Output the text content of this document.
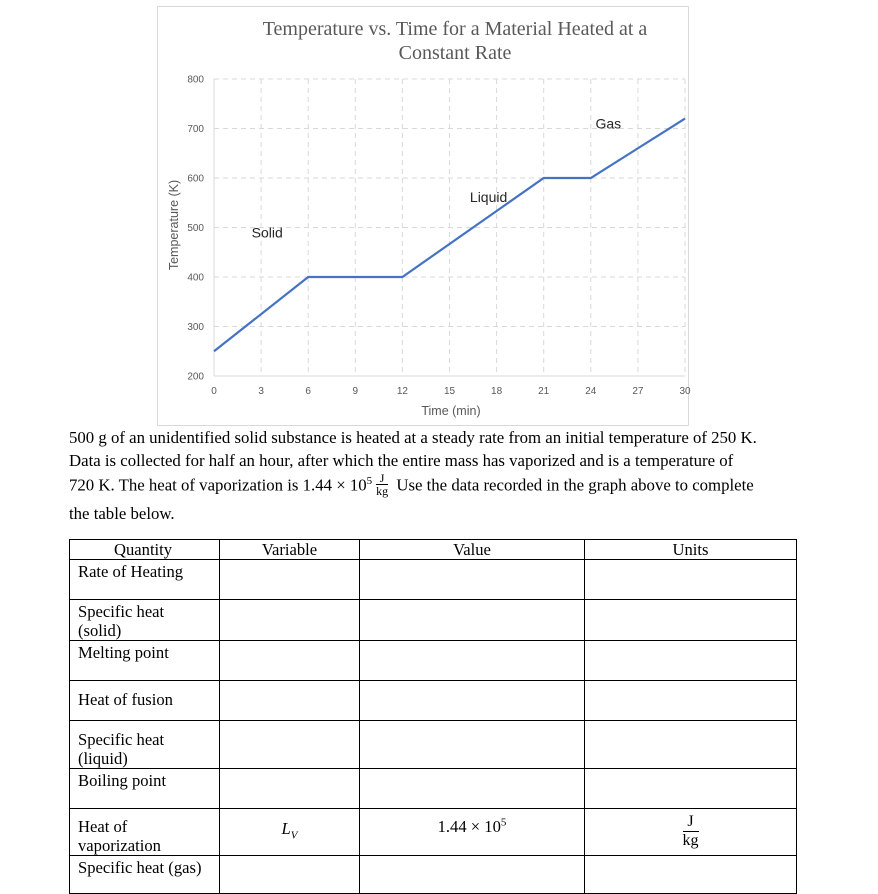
200
300
400
500
600
700
800
0	3	6	9	12	15	18	21	24	27	30
Temperature vs. Time for a Material Heated at a
Constant Rate
Time (min)
Temperature (K)	Solid
Liquid
Gas

500 g of an unidentified solid substance is heated at a steady rate from an initial temperature of 250 K.

Data is collected for half an hour, after which the entire mass has vaporized and is a temperature of

720 K. The heat of vaporization is $1.44 \times 10^5 \frac{J}{kg}$ Use the data recorded in the graph above to complete

the table below.

Quantity	Variable	Value	Units

Rate of Heating			

Specific heat
(solid)			

Melting point			

Heat of fusion			

Specific heat
(liquid)			

Boiling point			

Heat of
vaporization	$L_V$	$1.44 \times 10^5$	$\frac{J}{kg}$

Specific heat (gas)			
